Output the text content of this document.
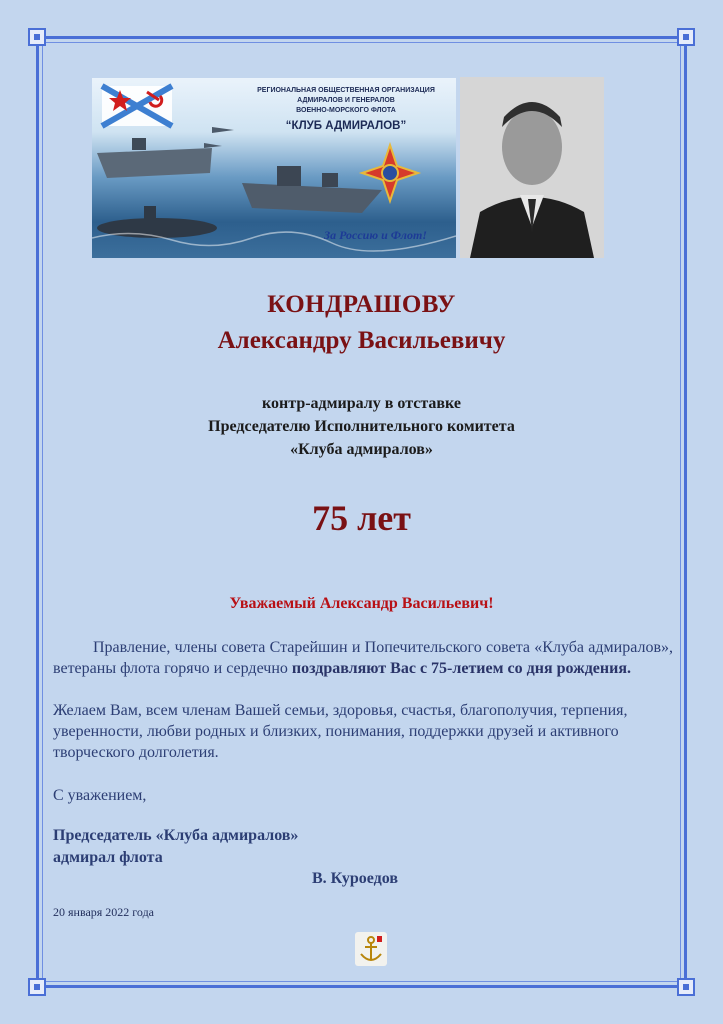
РЕГИОНАЛЬНАЯ ОБЩЕСТВЕННАЯ ОРГАНИЗАЦИЯ
АДМИРАЛОВ И ГЕНЕРАЛОВ
ВОЕННО-МОРСКОГО ФЛОТА
“КЛУБ АДМИРАЛОВ”
За Россию и Флот!
КОНДРАШОВУ
Александру Васильевичу
контр-адмиралу в отставке
Председателю Исполнительного комитета
«Клуба адмиралов»
75 лет
Уважаемый Александр Васильевич!
Правление, члены совета Старейшин и Попечительского совета «Клуба адмиралов», ветераны флота горячо и сердечно поздравляют Вас с 75-летием со дня рождения.
Желаем Вам, всем членам Вашей семьи, здоровья, счастья, благополучия, терпения, уверенности, любви родных и близких, понимания, поддержки друзей и активного творческого долголетия.
С уважением,
Председатель «Клуба адмиралов»
адмирал флота
В. Куроедов
20 января 2022 года
